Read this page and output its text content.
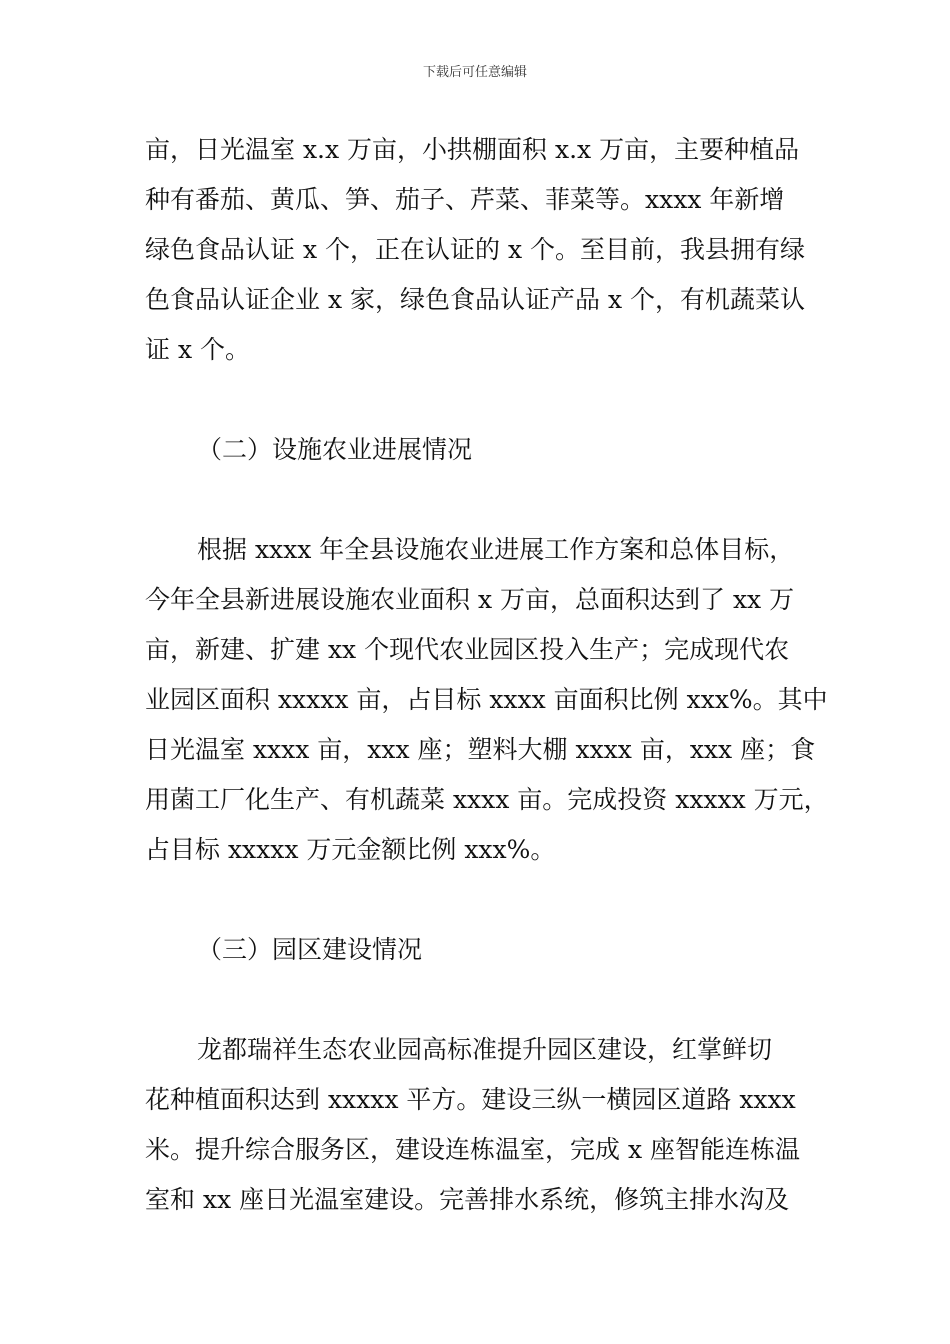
下载后可任意编辑

亩，日光温室 x.x 万亩，小拱棚面积 x.x 万亩，主要种植品
种有番茄、黄瓜、笋、茄子、芹菜、菲菜等。xxxx 年新增
绿色食品认证 x 个，正在认证的 x 个。至目前，我县拥有绿
色食品认证企业 x 家，绿色食品认证产品 x 个，有机蔬菜认
证 x 个。

（二）设施农业进展情况

根据 xxxx 年全县设施农业进展工作方案和总体目标，
今年全县新进展设施农业面积 x 万亩，总面积达到了 xx 万
亩，新建、扩建 xx 个现代农业园区投入生产；完成现代农
业园区面积 xxxxx 亩，占目标 xxxx 亩面积比例 xxx%。其中
日光温室 xxxx 亩，xxx 座；塑料大棚 xxxx 亩，xxx 座；食
用菌工厂化生产、有机蔬菜 xxxx 亩。完成投资 xxxxx 万元，
占目标 xxxxx 万元金额比例 xxx%。

（三）园区建设情况

龙都瑞祥生态农业园高标准提升园区建设，红掌鲜切
花种植面积达到 xxxxx 平方。建设三纵一横园区道路 xxxx
米。提升综合服务区，建设连栋温室，完成 x 座智能连栋温
室和 xx 座日光温室建设。完善排水系统，修筑主排水沟及
